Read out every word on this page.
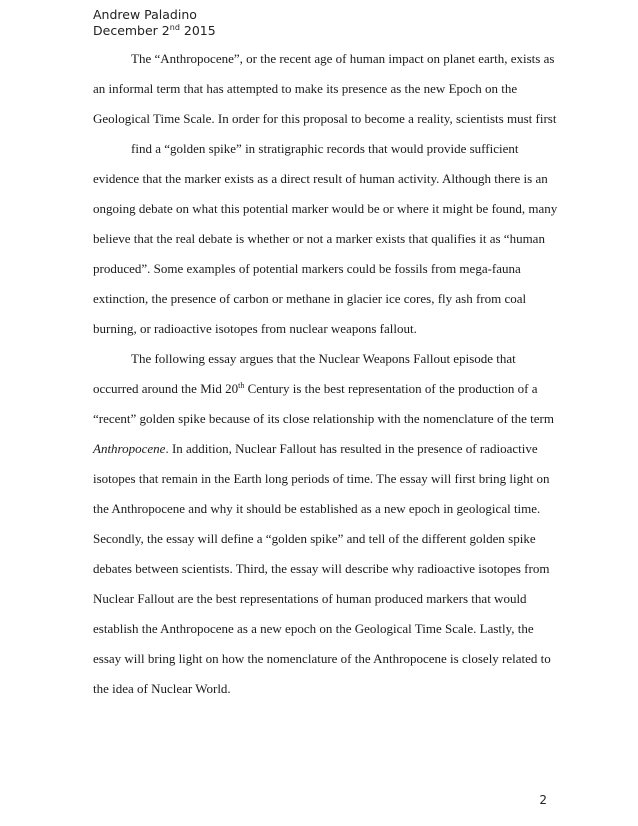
Andrew Paladino
December 2nd 2015
The “Anthropocene”, or the recent age of human impact on planet earth, exists as
an informal term that has attempted to make its presence as the new Epoch on the
Geological Time Scale. In order for this proposal to become a reality, scientists must first
find a “golden spike” in stratigraphic records that would provide sufficient
evidence that the marker exists as a direct result of human activity. Although there is an
ongoing debate on what this potential marker would be or where it might be found, many
believe that the real debate is whether or not a marker exists that qualifies it as “human
produced”. Some examples of potential markers could be fossils from mega-fauna
extinction, the presence of carbon or methane in glacier ice cores, fly ash from coal
burning, or radioactive isotopes from nuclear weapons fallout.
The following essay argues that the Nuclear Weapons Fallout episode that
occurred around the Mid 20th Century is the best representation of the production of a
“recent” golden spike because of its close relationship with the nomenclature of the term
Anthropocene. In addition, Nuclear Fallout has resulted in the presence of radioactive
isotopes that remain in the Earth long periods of time. The essay will first bring light on
the Anthropocene and why it should be established as a new epoch in geological time.
Secondly, the essay will define a “golden spike” and tell of the different golden spike
debates between scientists. Third, the essay will describe why radioactive isotopes from
Nuclear Fallout are the best representations of human produced markers that would
establish the Anthropocene as a new epoch on the Geological Time Scale. Lastly, the
essay will bring light on how the nomenclature of the Anthropocene is closely related to
the idea of Nuclear World.
2
